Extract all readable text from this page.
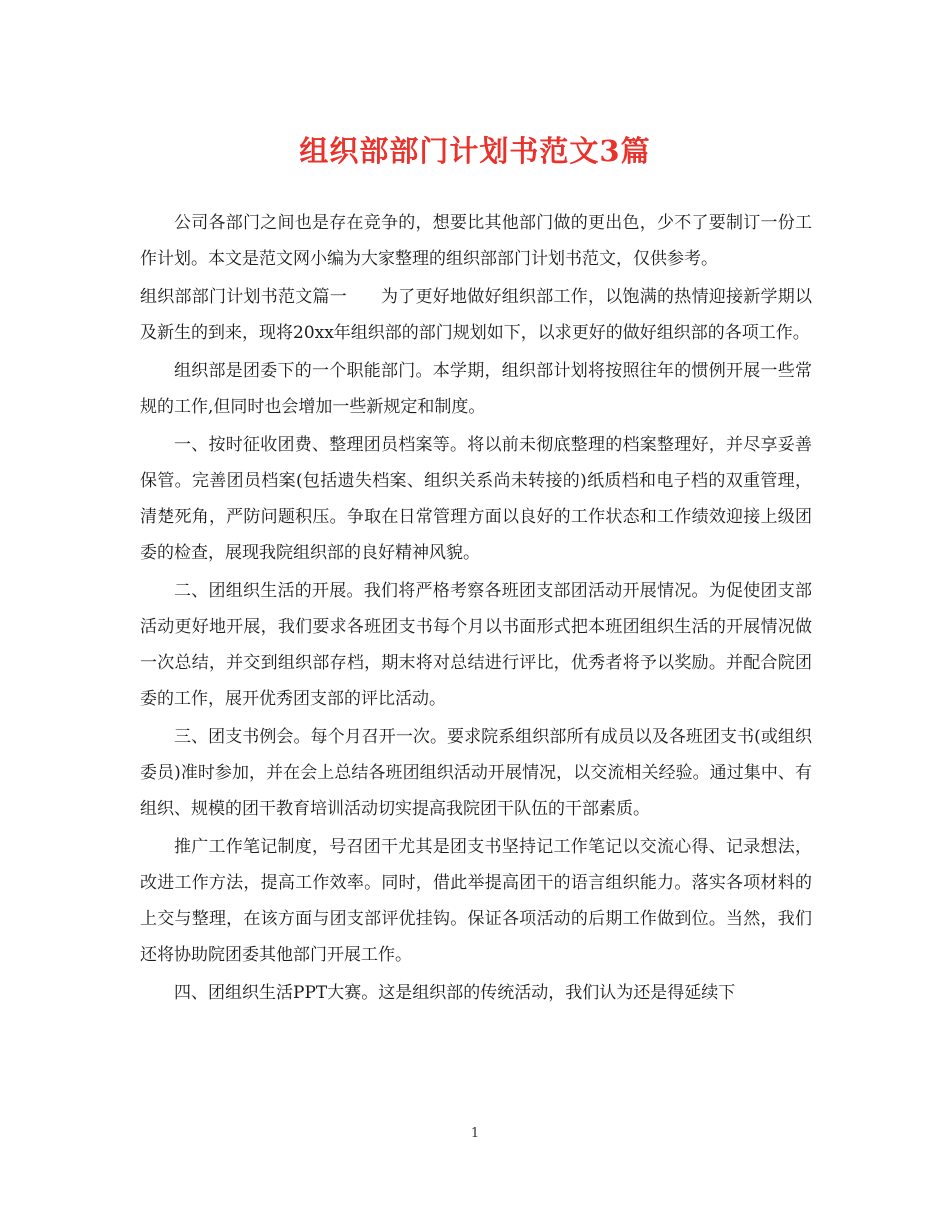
组织部部门计划书范文3篇

公司各部门之间也是存在竞争的，想要比其他部门做的更出色，少不了要制订一份工作计划。本文是范文网小编为大家整理的组织部部门计划书范文，仅供参考。

组织部部门计划书范文篇一 为了更好地做好组织部工作，以饱满的热情迎接新学期以及新生的到来，现将20xx年组织部的部门规划如下，以求更好的做好组织部的各项工作。

组织部是团委下的一个职能部门。本学期，组织部计划将按照往年的惯例开展一些常规的工作,但同时也会增加一些新规定和制度。

一、按时征收团费、整理团员档案等。将以前未彻底整理的档案整理好，并尽享妥善保管。完善团员档案(包括遗失档案、组织关系尚未转接的)纸质档和电子档的双重管理，清楚死角，严防问题积压。争取在日常管理方面以良好的工作状态和工作绩效迎接上级团委的检查，展现我院组织部的良好精神风貌。

二、团组织生活的开展。我们将严格考察各班团支部团活动开展情况。为促使团支部活动更好地开展，我们要求各班团支书每个月以书面形式把本班团组织生活的开展情况做一次总结，并交到组织部存档，期末将对总结进行评比，优秀者将予以奖励。并配合院团委的工作，展开优秀团支部的评比活动。

三、团支书例会。每个月召开一次。要求院系组织部所有成员以及各班团支书(或组织委员)准时参加，并在会上总结各班团组织活动开展情况，以交流相关经验。通过集中、有组织、规模的团干教育培训活动切实提高我院团干队伍的干部素质。

推广工作笔记制度，号召团干尤其是团支书坚持记工作笔记以交流心得、记录想法，改进工作方法，提高工作效率。同时，借此举提高团干的语言组织能力。落实各项材料的上交与整理，在该方面与团支部评优挂钩。保证各项活动的后期工作做到位。当然，我们还将协助院团委其他部门开展工作。

四、团组织生活PPT大赛。这是组织部的传统活动，我们认为还是得延续下

1
